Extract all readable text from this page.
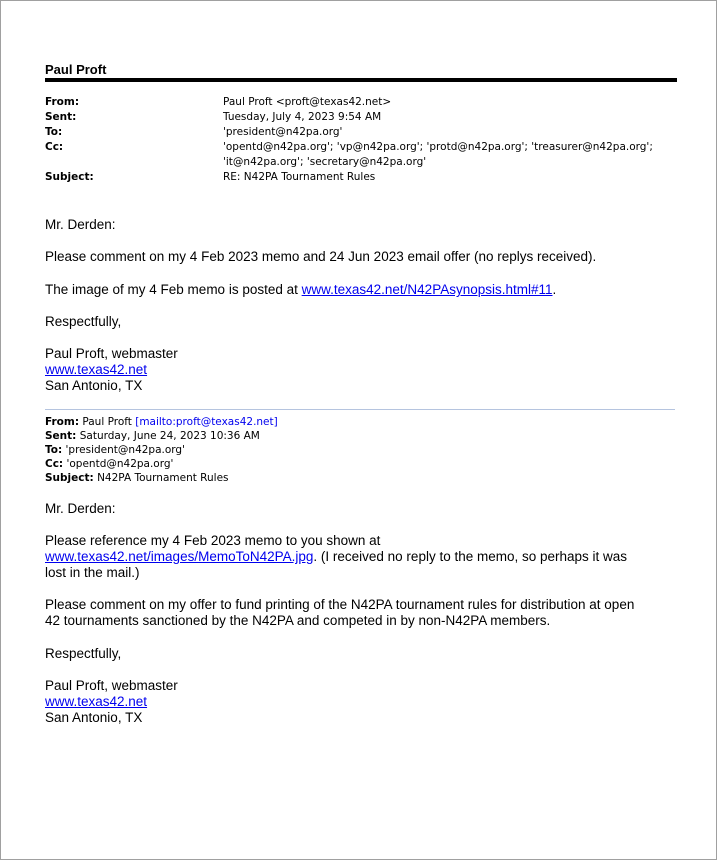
Paul Proft
From:	Paul Proft <proft@texas42.net>
Sent:	Tuesday, July 4, 2023 9:54 AM
To:	'president@n42pa.org'
Cc:	'opentd@n42pa.org'; 'vp@n42pa.org'; 'protd@n42pa.org'; 'treasurer@n42pa.org';
'it@n42pa.org'; 'secretary@n42pa.org'
Subject:	RE: N42PA Tournament Rules
Mr. Derden:
Please comment on my 4 Feb 2023 memo and 24 Jun 2023 email offer (no replys received).
The image of my 4 Feb memo is posted at www.texas42.net/N42PAsynopsis.html#11.
Respectfully,
Paul Proft, webmaster
www.texas42.net
San Antonio, TX
From: Paul Proft [mailto:proft@texas42.net]
Sent: Saturday, June 24, 2023 10:36 AM
To: 'president@n42pa.org'
Cc: 'opentd@n42pa.org'
Subject: N42PA Tournament Rules
Mr. Derden:
Please reference my 4 Feb 2023 memo to you shown at
www.texas42.net/images/MemoToN42PA.jpg. (I received no reply to the memo, so perhaps it was
lost in the mail.)
Please comment on my offer to fund printing of the N42PA tournament rules for distribution at open
42 tournaments sanctioned by the N42PA and competed in by non-N42PA members.
Respectfully,
Paul Proft, webmaster
www.texas42.net
San Antonio, TX
